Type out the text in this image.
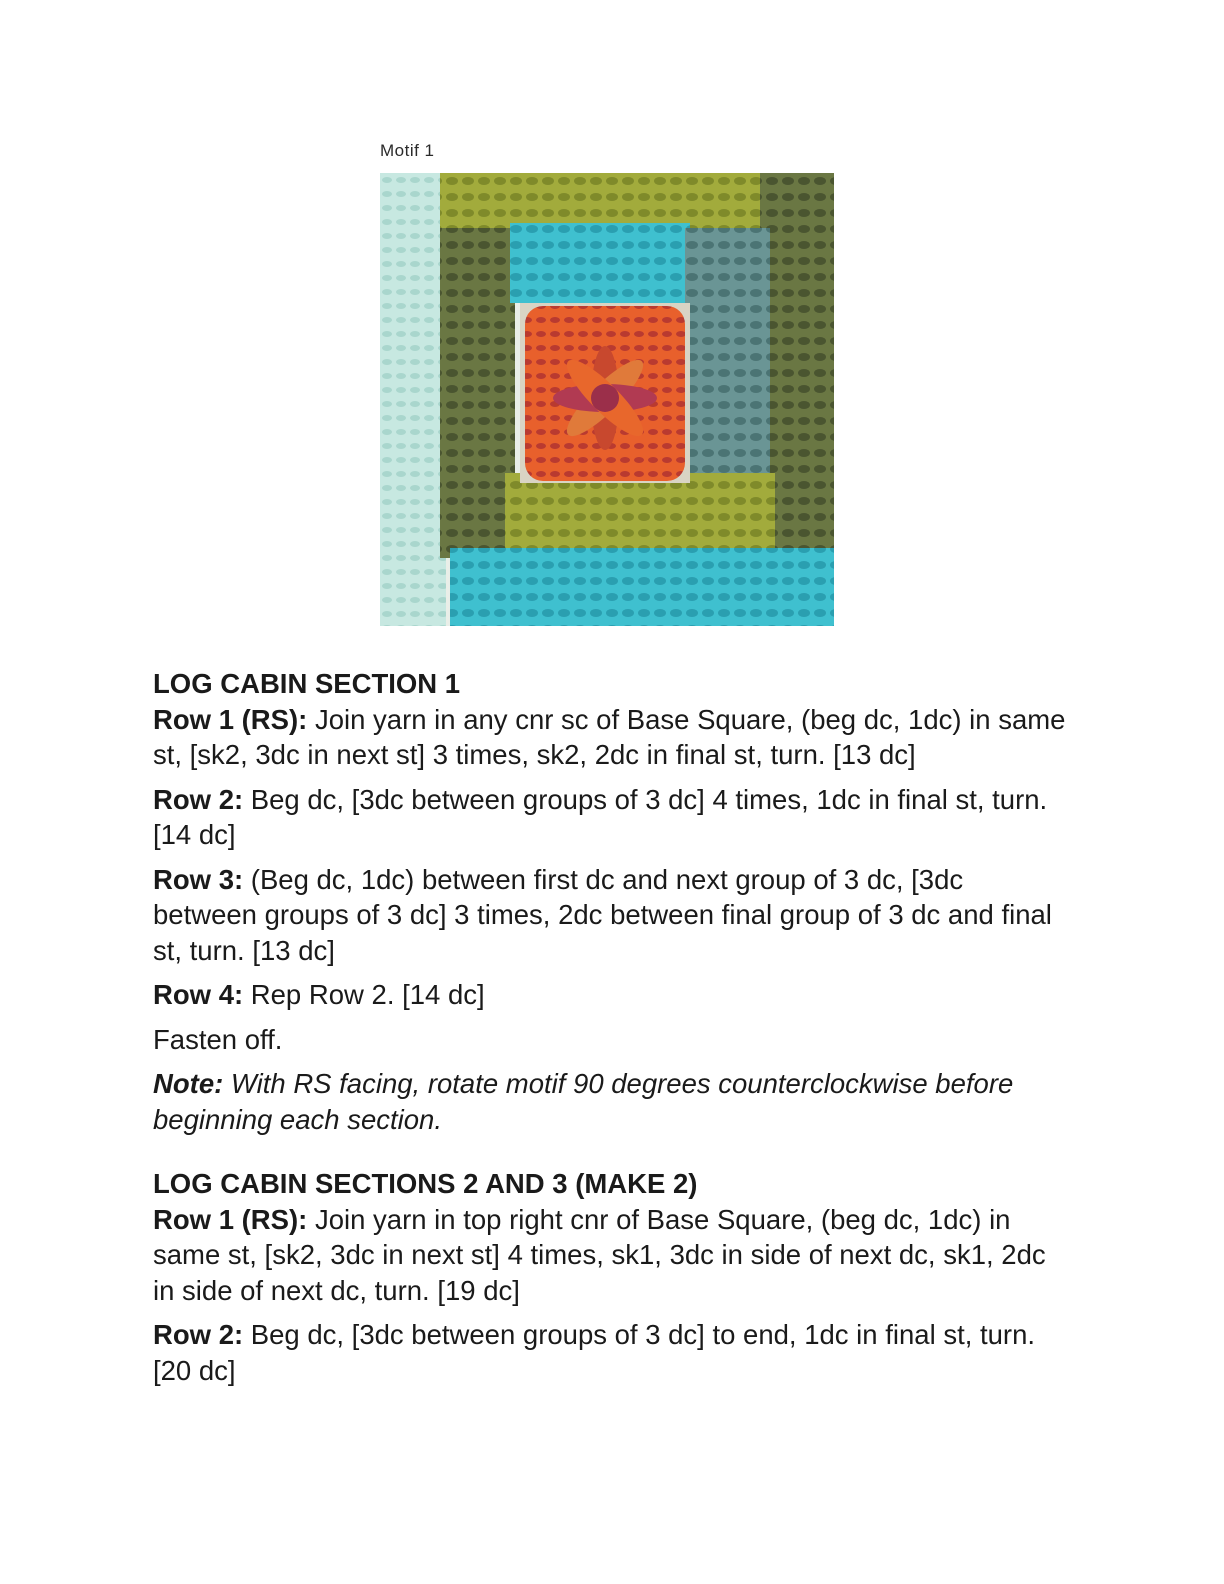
Motif 1

LOG CABIN SECTION 1

Row 1 (RS): Join yarn in any cnr sc of Base Square, (beg dc, 1dc) in same st, [sk2, 3dc in next st] 3 times, sk2, 2dc in final st, turn. [13 dc]

Row 2: Beg dc, [3dc between groups of 3 dc] 4 times, 1dc in final st, turn. [14 dc]

Row 3: (Beg dc, 1dc) between first dc and next group of 3 dc, [3dc between groups of 3 dc] 3 times, 2dc between final group of 3 dc and final st, turn. [13 dc]

Row 4: Rep Row 2. [14 dc]

Fasten off.

Note: With RS facing, rotate motif 90 degrees counterclockwise before beginning each section.

LOG CABIN SECTIONS 2 AND 3 (MAKE 2)

Row 1 (RS): Join yarn in top right cnr of Base Square, (beg dc, 1dc) in same st, [sk2, 3dc in next st] 4 times, sk1, 3dc in side of next dc, sk1, 2dc in side of next dc, turn. [19 dc]

Row 2: Beg dc, [3dc between groups of 3 dc] to end, 1dc in final st, turn. [20 dc]
